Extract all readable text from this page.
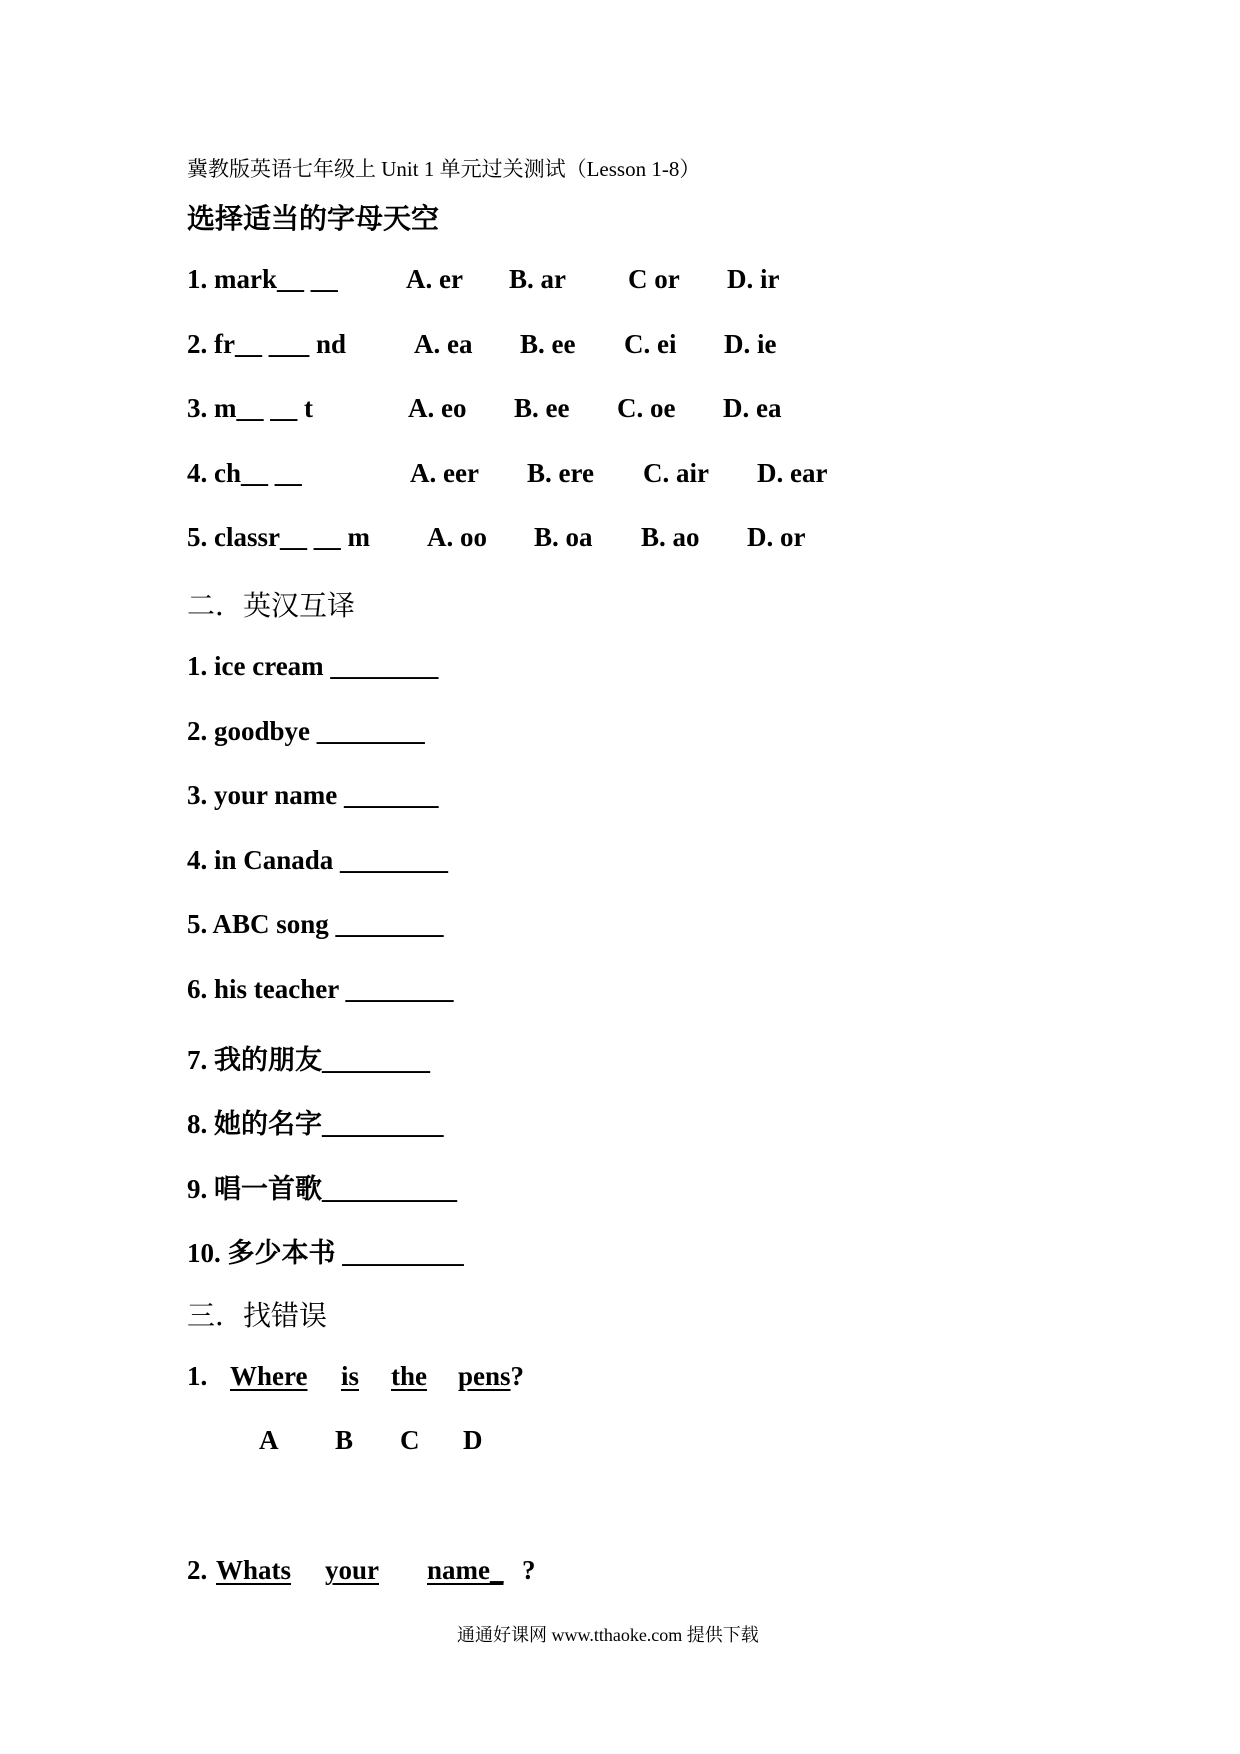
冀教版英语七年级上 Unit 1 单元过关测试（Lesson 1-8）
选择适当的字母天空
1. mark__ __	A. er B. ar C or D. ir
2. fr__ ___ nd	A. ea B. ee C. ei D. ie
3. m__ __ t	A. eo B. ee C. oe D. ea
4. ch__ __	A. eer B. ere C. air D. ear
5. classr__ __ m A. oo B. oa B. ao D. or
二．英汉互译
1. ice cream ________
2. goodbye ________
3. your name _______
4. in Canada ________
5. ABC song ________
6. his teacher ________
7. 我的朋友________
8. 她的名字_________
9. 唱一首歌__________
10. 多少本书 _________
三．找错误
1. Where is the pens?
A B C D
2. Whats your name_ ?
通通好课网 www.tthaoke.com 提供下载
